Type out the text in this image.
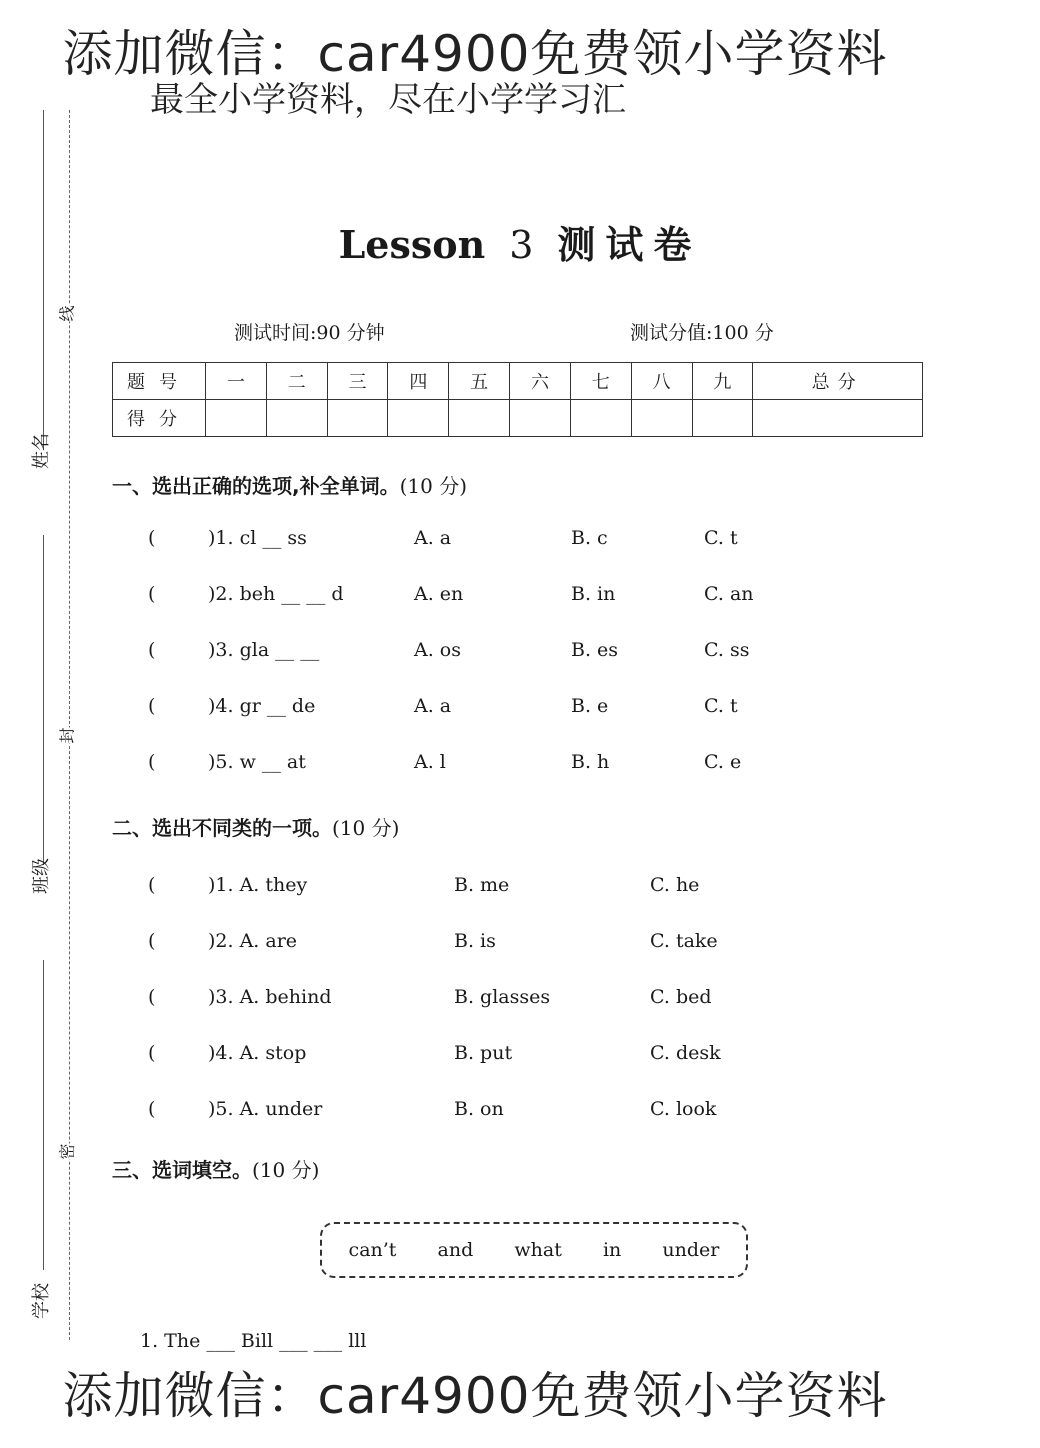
添加微信：car4900免费领小学资料
最全小学资料，尽在小学学习汇
姓名
班级
学校
线
封
密
Lesson 3 测试卷
测试时间:90 分钟	测试分值:100 分
题号	一	二	三	四	五	六	七	八	九	总分
得分										
一、选出正确的选项,补全单词。(10 分)
(	)1. cl __ ss	A. a	B. c	C. t
(	)2. beh __ __ d	A. en	B. in	C. an
(	)3. gla __ __	A. os	B. es	C. ss
(	)4. gr __ de	A. a	B. e	C. t
(	)5. w __ at	A. l	B. h	C. e
二、选出不同类的一项。(10 分)
(	)1. A. they	B. me	C. he
(	)2. A. are	B. is	C. take
(	)3. A. behind	B. glasses	C. bed
(	)4. A. stop	B. put	C. desk
(	)5. A. under	B. on	C. look
三、选词填空。(10 分)
can’t and what in under
1. The ___ Bill ___ ___ lll
添加微信：car4900免费领小学资料
